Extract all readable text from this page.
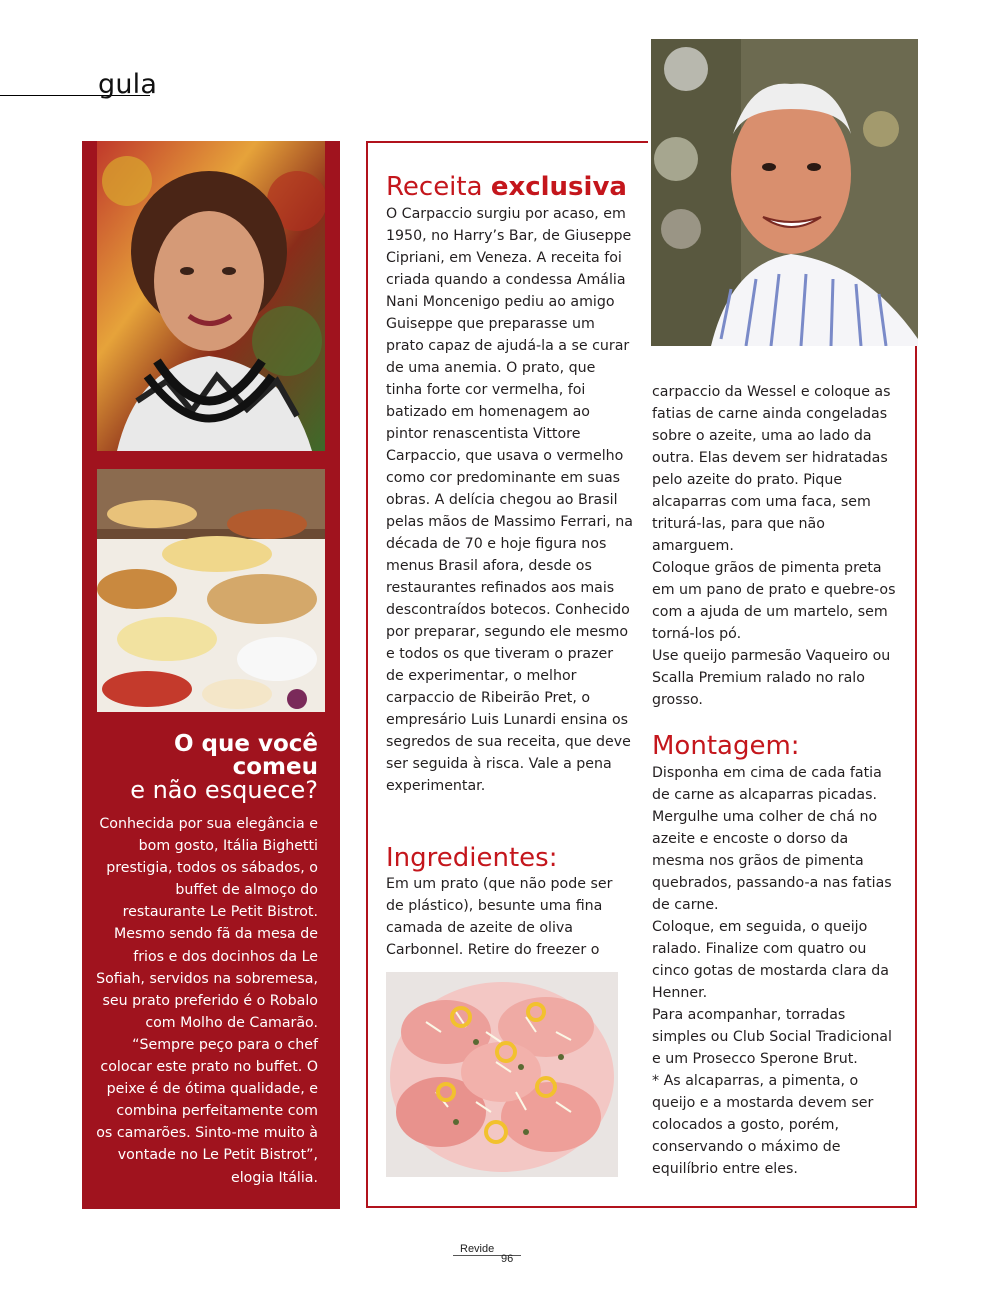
gula
O que você
comeu
e não esquece?

Conhecida por sua elegância e bom gosto, Itália Bighetti prestigia, todos os sábados, o buffet de almoço do restaurante Le Petit Bistrot. Mesmo sendo fã da mesa de frios e dos docinhos da Le Sofiah, servidos na sobremesa, seu prato preferido é o Robalo com Molho de Camarão. “Sempre peço para o chef colocar este prato no buffet. O peixe é de ótima qualidade, e combina perfeitamente com os camarões. Sinto-me muito à vontade no Le Petit Bistrot”, elogia Itália.

Receita exclusiva

O Carpaccio surgiu por acaso, em 1950, no Harry’s Bar, de Giuseppe Cipriani, em Veneza. A receita foi criada quando a condessa Amália Nani Moncenigo pediu ao amigo Guiseppe que preparasse um prato capaz de ajudá-la a se curar de uma anemia. O prato, que tinha forte cor vermelha, foi batizado em homenagem ao pintor renascentista Vittore Carpaccio, que usava o vermelho como cor predominante em suas obras. A delícia chegou ao Brasil pelas mãos de Massimo Ferrari, na década de 70 e hoje figura nos menus Brasil afora, desde os restaurantes refinados aos mais descontraídos botecos. Conhecido por preparar, segundo ele mesmo e todos os que tiveram o prazer de experimentar, o melhor carpaccio de Ribeirão Pret, o empresário Luis Lunardi ensina os segredos de sua receita, que deve ser seguida à risca. Vale a pena experimentar.

Ingredientes:

Em um prato (que não pode ser de plástico), besunte uma fina camada de azeite de oliva Carbonnel. Retire do freezer o

carpaccio da Wessel e coloque as fatias de carne ainda congeladas sobre o azeite, uma ao lado da outra. Elas devem ser hidratadas pelo azeite do prato. Pique alcaparras com uma faca, sem triturá-las, para que não amarguem.
Coloque grãos de pimenta preta em um pano de prato e quebre-os com a ajuda de um martelo, sem torná-los pó.
Use queijo parmesão Vaqueiro ou Scalla Premium ralado no ralo grosso.

Montagem:

Disponha em cima de cada fatia de carne as alcaparras picadas. Mergulhe uma colher de chá no azeite e encoste o dorso da mesma nos grãos de pimenta quebrados, passando-a nas fatias de carne.
Coloque, em seguida, o queijo ralado. Finalize com quatro ou cinco gotas de mostarda clara da Henner.
Para acompanhar, torradas simples ou Club Social Tradicional e um Prosecco Sperone Brut.
* As alcaparras, a pimenta, o queijo e a mostarda devem ser colocados a gosto, porém, conservando o máximo de equilíbrio entre eles.

Revide
96
